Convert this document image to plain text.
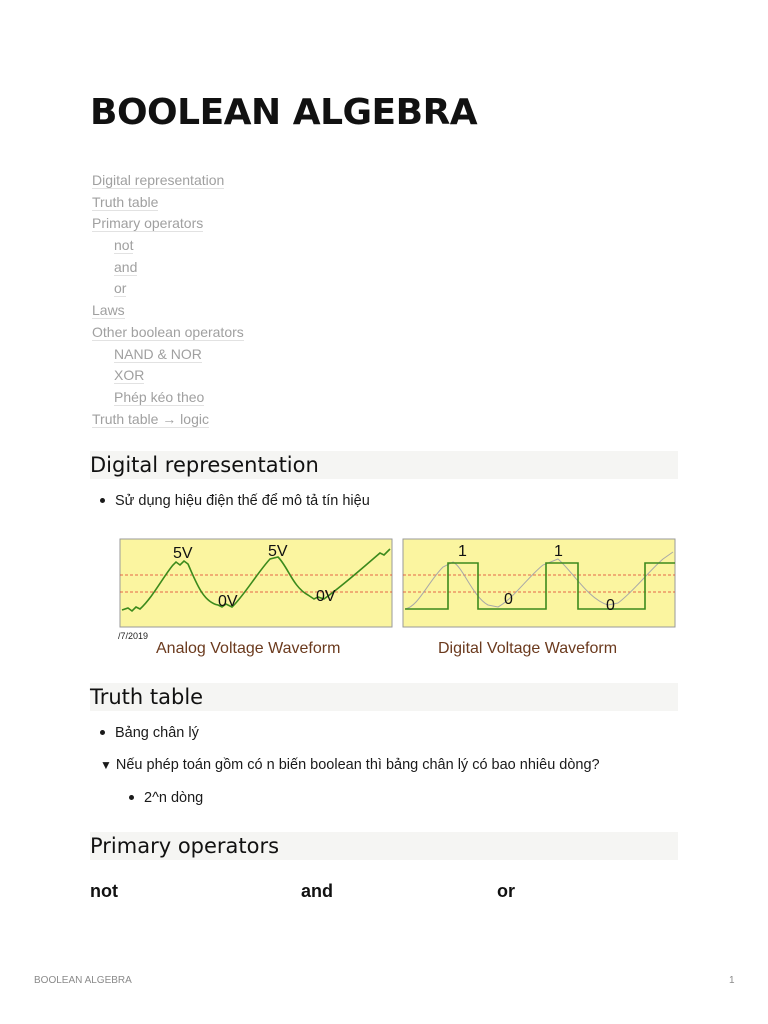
BOOLEAN ALGEBRA
Digital representation
Truth table
Primary operators
not
and
or
Laws
Other boolean operators
NAND & NOR
XOR
Phép kéo theo
Truth table → logic
Digital representation
Sử dụng hiệu điện thế để mô tả tín hiệu
5V	5V
0V	0V
1	1
0	0
/7/2019
Analog Voltage Waveform	Digital Voltage Waveform
Truth table
Bảng chân lý
▼ Nếu phép toán gồm có n biến boolean thì bảng chân lý có bao nhiêu dòng?
2^n dòng
Primary operators
not	and	or
BOOLEAN ALGEBRA	1
